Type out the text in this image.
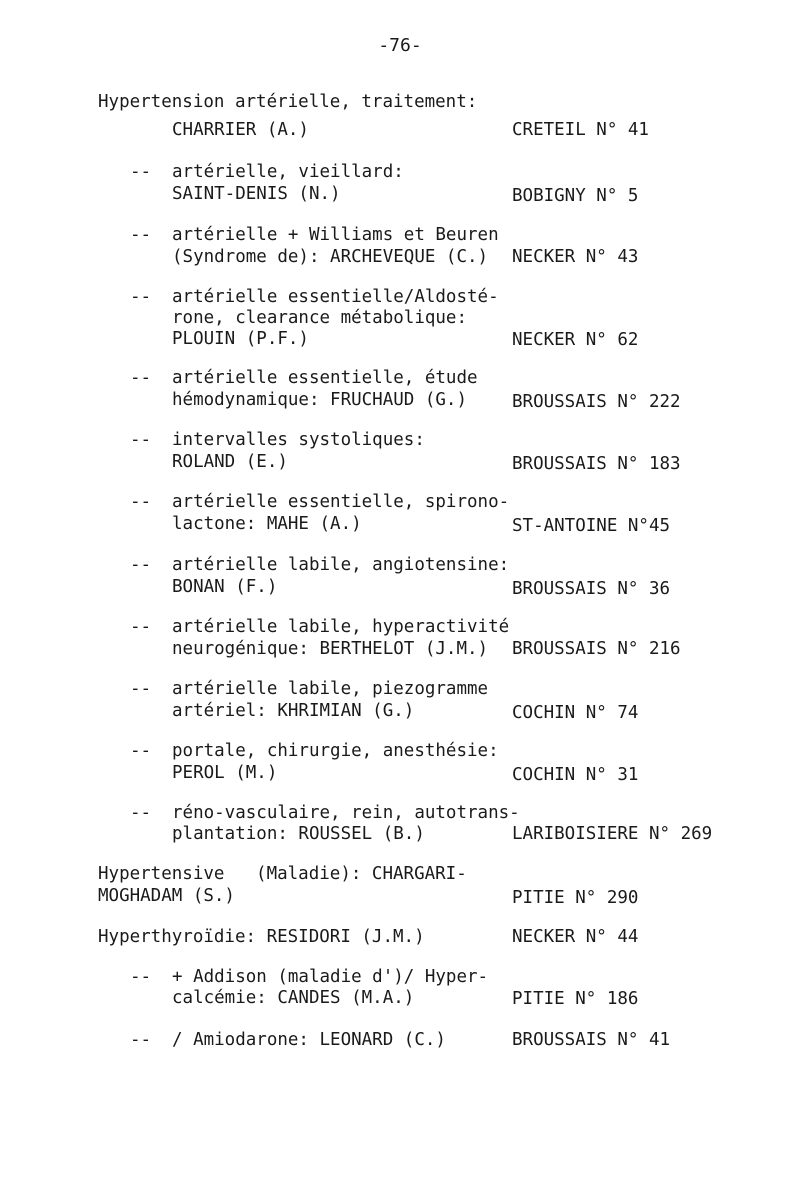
-76-
Hypertension artérielle, traitement:
CHARRIER (A.)	CRETEIL N° 41
-- artérielle, vieillard:
SAINT-DENIS (N.)	BOBIGNY N° 5
-- artérielle + Williams et Beuren
(Syndrome de): ARCHEVEQUE (C.) NECKER N° 43
-- artérielle essentielle/Aldosté-
rone, clearance métabolique:
PLOUIN (P.F.)	NECKER N° 62
-- artérielle essentielle, étude
hémodynamique: FRUCHAUD (G.)	BROUSSAIS N° 222
-- intervalles systoliques:
ROLAND (E.)	BROUSSAIS N° 183
-- artérielle essentielle, spirono-
lactone: MAHE (A.)	ST-ANTOINE N°45
-- artérielle labile, angiotensine:
BONAN (F.)	BROUSSAIS N° 36
-- artérielle labile, hyperactivité
neurogénique: BERTHELOT (J.M.) BROUSSAIS N° 216
-- artérielle labile, piezogramme
artériel: KHRIMIAN (G.)	COCHIN N° 74
-- portale, chirurgie, anesthésie:
PEROL (M.)	COCHIN N° 31
-- réno-vasculaire, rein, autotrans-
plantation: ROUSSEL (B.)	LARIBOISIERE N° 269
Hypertensive   (Maladie): CHARGARI-
MOGHADAM (S.)	PITIE N° 290
Hyperthyroïdie: RESIDORI (J.M.)	NECKER N° 44
-- + Addison (maladie d')/ Hyper-
calcémie: CANDES (M.A.)	PITIE N° 186
-- / Amiodarone: LEONARD (C.)	BROUSSAIS N° 41
